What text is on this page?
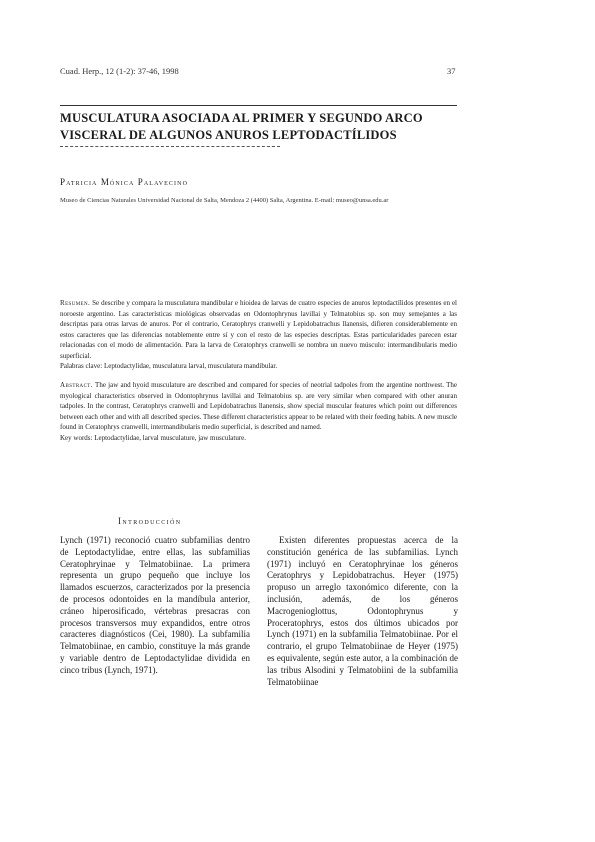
Cuad. Herp., 12 (1-2): 37-46, 1998	37
MUSCULATURA ASOCIADA AL PRIMER Y SEGUNDO ARCO
VISCERAL DE ALGUNOS ANUROS LEPTODACTÍLIDOS
Patricia Mónica Palavecino
Museo de Ciencias Naturales Universidad Nacional de Salta, Mendoza 2 (4400) Salta, Argentina. E-mail: museo@unsa.edu.ar
Resumen. Se describe y compara la musculatura mandibular e hioidea de larvas de cuatro especies de anuros leptodactílidos presentes en el noroeste argentino. Las características miológicas observadas en Odontophrynus lavillai y Telmatobius sp. son muy semejantes a las descriptas para otras larvas de anuros. Por el contrario, Ceratophrys cranwelli y Lepidobatrachus llanensis, difieren considerablemente en estos caracteres que las diferencias notablemente entre sí y con el resto de las especies descriptas. Estas particularidades parecen estar relacionadas con el modo de alimentación. Para la larva de Ceratophrys cranwelli se nombra un nuevo músculo: intermandibularis medio superficial.
Palabras clave: Leptodactylidae, musculatura larval, musculatura mandibular.
Abstract. The jaw and hyoid musculature are described and compared for species of neotrial tadpoles from the argentine northwest. The myological characteristics observed in Odontophrynus lavillai and Telmatobius sp. are very similar when compared with other anuran tadpoles. In the contrast, Ceratophrys cranwelli and Lepidobatrachus llanensis, show special muscular features which point out differences between each other and with all described species. These different characteristics appear to be related with their feeding habits. A new muscle found in Ceratophrys cranwelli, intermandibularis medio superficial, is described and named.
Key words: Leptodactylidae, larval musculature, jaw musculature.
Introducción
Lynch (1971) reconoció cuatro subfamilias dentro de Leptodactylidae, entre ellas, las subfamilias Ceratophryinae y Telmatobiinae. La primera representa un grupo pequeño que incluye los llamados escuerzos, caracterizados por la presencia de procesos odontoides en la mandíbula anterior, cráneo hiperosificado, vértebras presacras con procesos transversos muy expandidos, entre otros caracteres diagnósticos (Cei, 1980). La subfamilia Telmatobiinae, en cambio, constituye la más grande y variable dentro de Leptodactylidae dividida en cinco tribus (Lynch, 1971).
Existen diferentes propuestas acerca de la constitución genérica de las subfamilias. Lynch (1971) incluyó en Ceratophryinae los géneros Ceratophrys y Lepidobatrachus. Heyer (1975) propuso un arreglo taxonómico diferente, con la inclusión, además, de los géneros Macrogenioglottus, Odontophrynus y Proceratophrys, estos dos últimos ubicados por Lynch (1971) en la subfamilia Telmatobiinae. Por el contrario, el grupo Telmatobiinae de Heyer (1975) es equivalente, según este autor, a la combinación de las tribus Alsodini y Telmatobiini de la subfamilia Telmatobiinae
